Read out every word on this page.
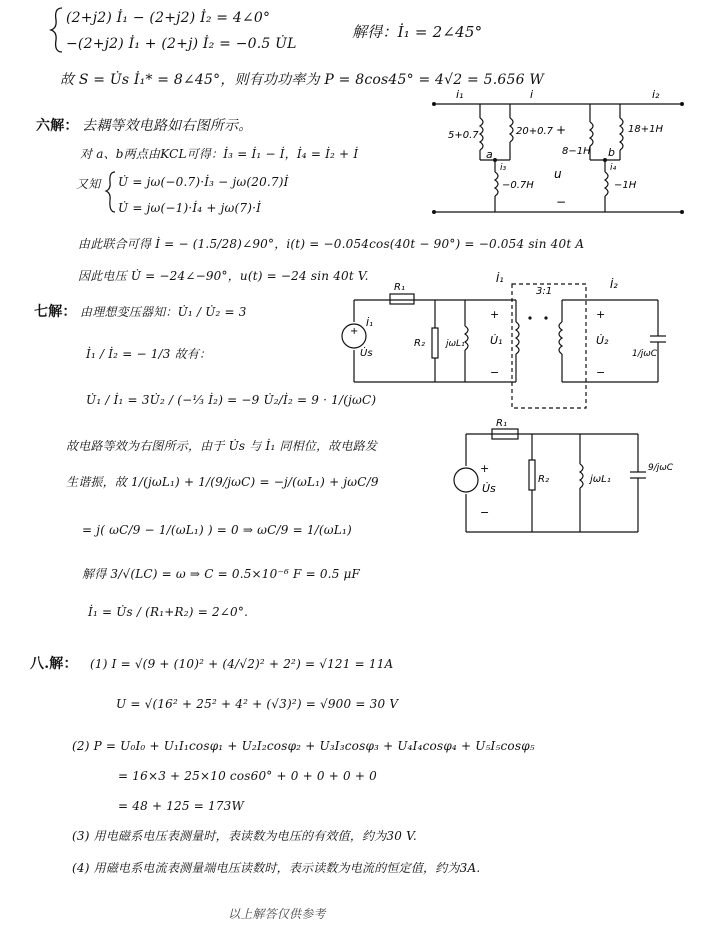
(2+j2) İ₁ − (2+j2) İ₂ = 4∠0°
−(2+j2) İ₁ + (2+j) İ₂ = −0.5 U̇L
解得：İ₁ = 2∠45°
故 S = U̇s İ₁* = 8∠45°，则有功功率为 P = 8cos45° = 4√2 = 5.656 W
六解： 去耦等效电路如右图所示。
对 a、b两点由KCL可得：İ₃ = İ₁ − İ，İ₄ = İ₂ + İ
又知 U̇ = jω(−0.7)·İ₃ − jω(20.7)İ
U̇ = jω(−1)·İ₄ + jω(7)·İ
由此联合可得 İ = − (1.5/28)∠90°，i(t) = −0.054cos(40t − 90°) = −0.054 sin 40t A
因此电压 U̇ = −24∠−90°，u(t) = −24 sin 40t V.
i₁	i	i₂
5+0.7	20+0.7	18+1H
−0.7H
8−1H
−1H
a	b
u
i₃	i₄
+
−
七解： 由理想变压器知：U̇₁ / U̇₂ = 3
İ₁ / İ₂ = − 1/3 故有：
U̇₁ / İ₁ = 3U̇₂ / (−⅓ İ₂) = −9 U̇₂/İ₂ = 9 · 1/(jωC)
故电路等效为右图所示，由于 U̇s 与 İ₁ 同相位，故电路发
生谐振，故 1/(jωL₁) + 1/(9/jωC) = −j/(ωL₁) + jωC/9
= j( ωC/9 − 1/(ωL₁) ) = 0 ⇒ ωC/9 = 1/(ωL₁)
解得 3/√(LC) = ω ⇒ C = 0.5×10⁻⁶ F = 0.5 μF
İ₁ = U̇s / (R₁+R₂) = 2∠0°.
+
İ₁
İ₁	İ₂
R₁
R₂ jωL₁ U̇₁
+
−
U̇s
3:1
U̇₂
+
−
1/jωC
R₁
R₂	jωL₁
9/jωC
U̇s
+
−
八.解： (1) I = √(9 + (10)² + (4/√2)² + 2²) = √121 = 11A
U = √(16² + 25² + 4² + (√3)²) = √900 = 30 V
(2) P = U₀I₀ + U₁I₁cosφ₁ + U₂I₂cosφ₂ + U₃I₃cosφ₃ + U₄I₄cosφ₄ + U₅I₅cosφ₅
= 16×3 + 25×10 cos60° + 0 + 0 + 0 + 0
= 48 + 125 = 173W
(3) 用电磁系电压表测量时，表读数为电压的有效值，约为30 V.
(4) 用磁电系电流表测量端电压读数时，表示读数为电流的恒定值，约为3A.
以上解答仅供参考
